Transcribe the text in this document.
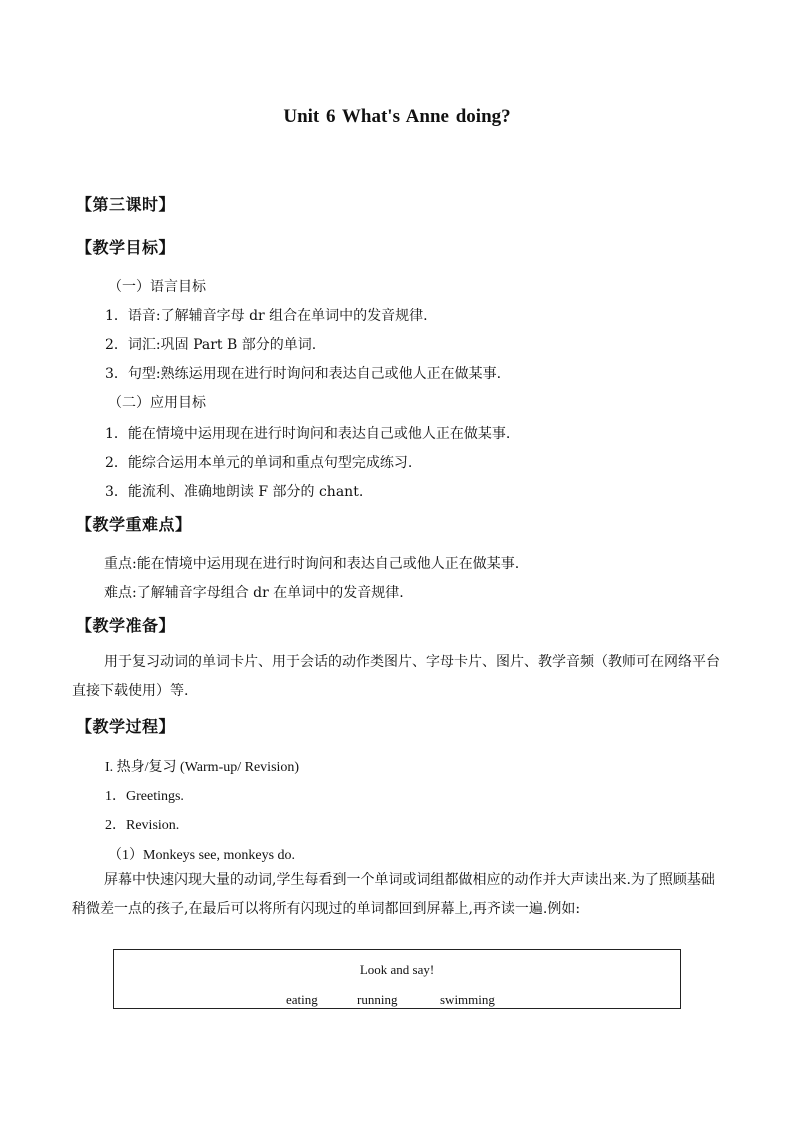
Unit 6 What's Anne doing?
【第三课时】
【教学目标】
（一）语言目标
1．语音:了解辅音字母 dr 组合在单词中的发音规律.
2．词汇:巩固 Part B 部分的单词.
3．句型:熟练运用现在进行时询问和表达自己或他人正在做某事.
（二）应用目标
1．能在情境中运用现在进行时询问和表达自己或他人正在做某事.
2．能综合运用本单元的单词和重点句型完成练习.
3．能流利、准确地朗读 F 部分的 chant.
【教学重难点】
重点:能在情境中运用现在进行时询问和表达自己或他人正在做某事.
难点:了解辅音字母组合 dr 在单词中的发音规律.
【教学准备】
用于复习动词的单词卡片、用于会话的动作类图片、字母卡片、图片、教学音频（教师可在网络平台直接下载使用）等.
【教学过程】
I. 热身/复习 (Warm-up/ Revision)
1．Greetings.
2．Revision.
（1）Monkeys see, monkeys do.
屏幕中快速闪现大量的动词,学生每看到一个单词或词组都做相应的动作并大声读出来.为了照顾基础稍微差一点的孩子,在最后可以将所有闪现过的单词都回到屏幕上,再齐读一遍.例如:
Look and say!
eating	running	swimming
